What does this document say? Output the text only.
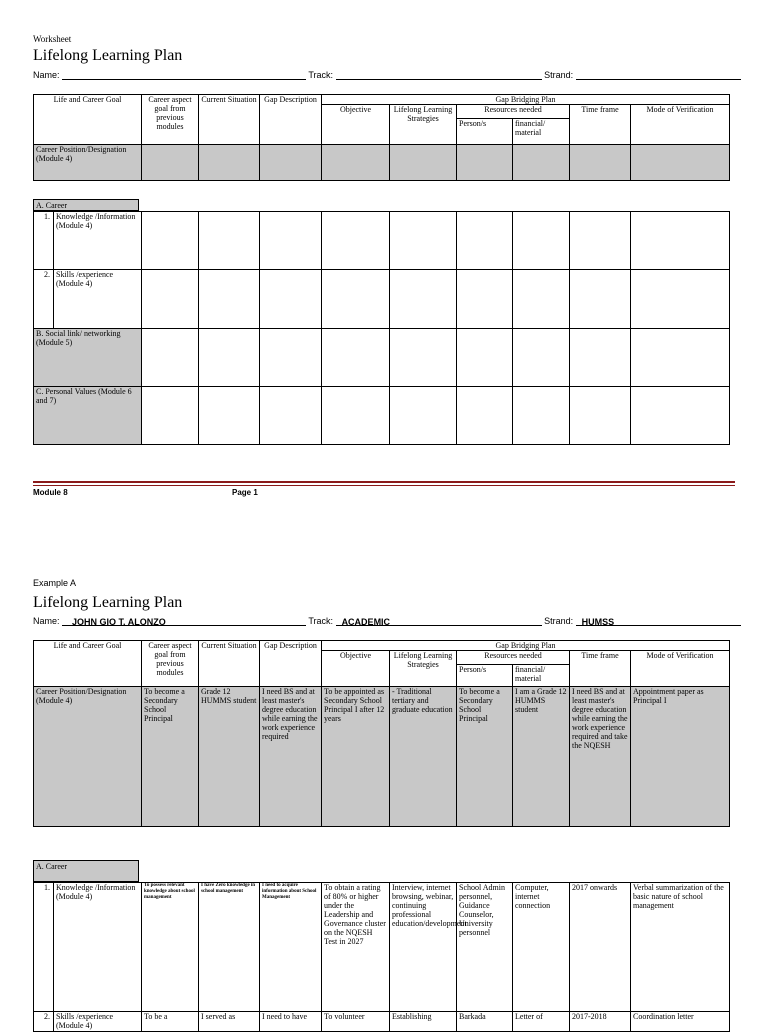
Worksheet
Lifelong Learning Plan
Name:	Track:	Strand:
Life and Career Goal	Career aspect goal from previous modules	Current Situation	Gap Description	Gap Bridging Plan					
				Objective	Lifelong Learning Strategies	Resources needed		Time frame	Mode of Verification
						Person/s	financial/ material		
Career Position/Designation (Module 4)									
A. Career
1.	Knowledge /Information (Module 4)									
2.	Skills /experience (Module 4)									
B. Social link/ networking (Module 5)										
C. Personal Values (Module 6 and 7)										
Module 8	Page 1
Example A
Lifelong Learning Plan
Name: JOHN GIO T. ALONZO	Track: ACADEMIC	Strand: HUMSS
Life and Career Goal	Career aspect goal from previous modules	Current Situation	Gap Description	Gap Bridging Plan					
				Objective	Lifelong Learning Strategies	Resources needed		Time frame	Mode of Verification
						Person/s	financial/ material		
Career Position/Designation (Module 4)	To become a Secondary School Principal	Grade 12 HUMMS student	I need BS and at least master's degree education while earning the work experience required	To be appointed as Secondary School Principal I after 12 years	- Traditional tertiary and graduate education	To become a Secondary School Principal	I am a Grade 12 HUMMS student	I need BS and at least master's degree education while earning the work experience required and take the NQESH	Appointment paper as Principal I
A. Career
1.	Knowledge /Information (Module 4)	To possess relevant knowledge about school management	I have Zero knowledge in school management	I need to acquire information about School Management	To obtain a rating of 80% or higher under the Leadership and Governance cluster on the NQESH Test in 2027	Interview, internet browsing, webinar, continuing professional education/development	School Admin personnel, Guidance Counselor, University personnel	Computer, internet connection	2017 onwards	Verbal summarization of the basic nature of school management
2.	Skills /experience (Module 4)	To be a	I served as	I need to have	To volunteer	Establishing	Barkada	Letter of	2017-2018	Coordination letter
